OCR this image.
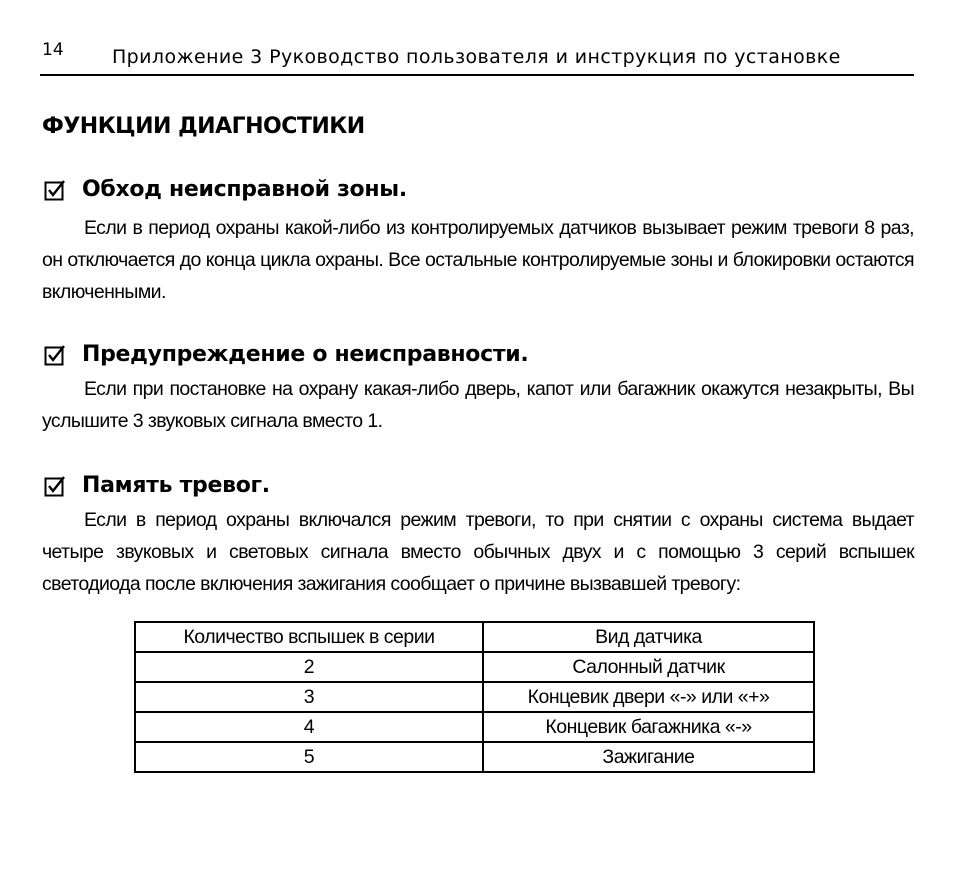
14	Приложение 3 Руководство пользователя и инструкция по установке
ФУНКЦИИ ДИАГНОСТИКИ
Обход неисправной зоны.
Если в период охраны какой-либо из контролируемых датчиков вызывает режим тревоги 8 раз, он отключается до конца цикла охраны. Все остальные контролируемые зоны и блокировки остаются включенными.
Предупреждение о неисправности.
Если при постановке на охрану какая-либо дверь, капот или багажник окажутся незакрыты, Вы услышите 3 звуковых сигнала вместо 1.
Память тревог.
Если в период охраны включался режим тревоги, то при снятии с охраны система выдает четыре звуковых и световых сигнала вместо обычных двух и с помощью 3 серий вспышек светодиода после включения зажигания сообщает о причине вызвавшей тревогу:
Количество вспышек в серии	Вид датчика
2	Салонный датчик
3	Концевик двери «-» или «+»
4	Концевик багажника «-»
5	Зажигание
